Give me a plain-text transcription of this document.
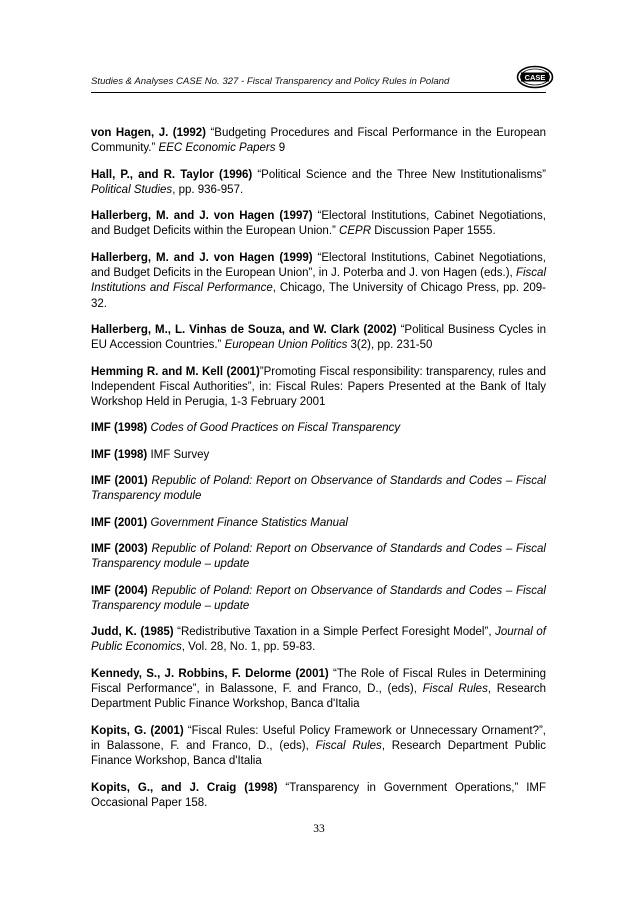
Studies & Analyses CASE No. 327 - Fiscal Transparency and Policy Rules in Poland	CASE

von Hagen, J. (1992) “Budgeting Procedures and Fiscal Performance in the European Community.” EEC Economic Papers 9

Hall, P., and R. Taylor (1996) “Political Science and the Three New Institutionalisms” Political Studies, pp. 936-957.

Hallerberg, M. and J. von Hagen (1997) “Electoral Institutions, Cabinet Negotiations, and Budget Deficits within the European Union.” CEPR Discussion Paper 1555.

Hallerberg, M. and J. von Hagen (1999) “Electoral Institutions, Cabinet Negotiations, and Budget Deficits in the European Union”, in J. Poterba and J. von Hagen (eds.), Fiscal Institutions and Fiscal Performance, Chicago, The University of Chicago Press, pp. 209-32.

Hallerberg, M., L. Vinhas de Souza, and W. Clark (2002) “Political Business Cycles in EU Accession Countries.” European Union Politics 3(2), pp. 231-50

Hemming R. and M. Kell (2001)”Promoting Fiscal responsibility: transparency, rules and Independent Fiscal Authorities”, in: Fiscal Rules: Papers Presented at the Bank of Italy Workshop Held in Perugia, 1-3 February 2001

IMF (1998) Codes of Good Practices on Fiscal Transparency

IMF (1998) IMF Survey

IMF (2001) Republic of Poland: Report on Observance of Standards and Codes – Fiscal Transparency module

IMF (2001) Government Finance Statistics Manual

IMF (2003) Republic of Poland: Report on Observance of Standards and Codes – Fiscal Transparency module – update

IMF (2004) Republic of Poland: Report on Observance of Standards and Codes – Fiscal Transparency module – update

Judd, K. (1985) “Redistributive Taxation in a Simple Perfect Foresight Model”, Journal of Public Economics, Vol. 28, No. 1, pp. 59-83.

Kennedy, S., J. Robbins, F. Delorme (2001) “The Role of Fiscal Rules in Determining Fiscal Performance”, in Balassone, F. and Franco, D., (eds), Fiscal Rules, Research Department Public Finance Workshop, Banca d'Italia

Kopits, G. (2001) “Fiscal Rules: Useful Policy Framework or Unnecessary Ornament?”, in Balassone, F. and Franco, D., (eds), Fiscal Rules, Research Department Public Finance Workshop, Banca d'Italia

Kopits, G., and J. Craig (1998) “Transparency in Government Operations,” IMF Occasional Paper 158.

33
